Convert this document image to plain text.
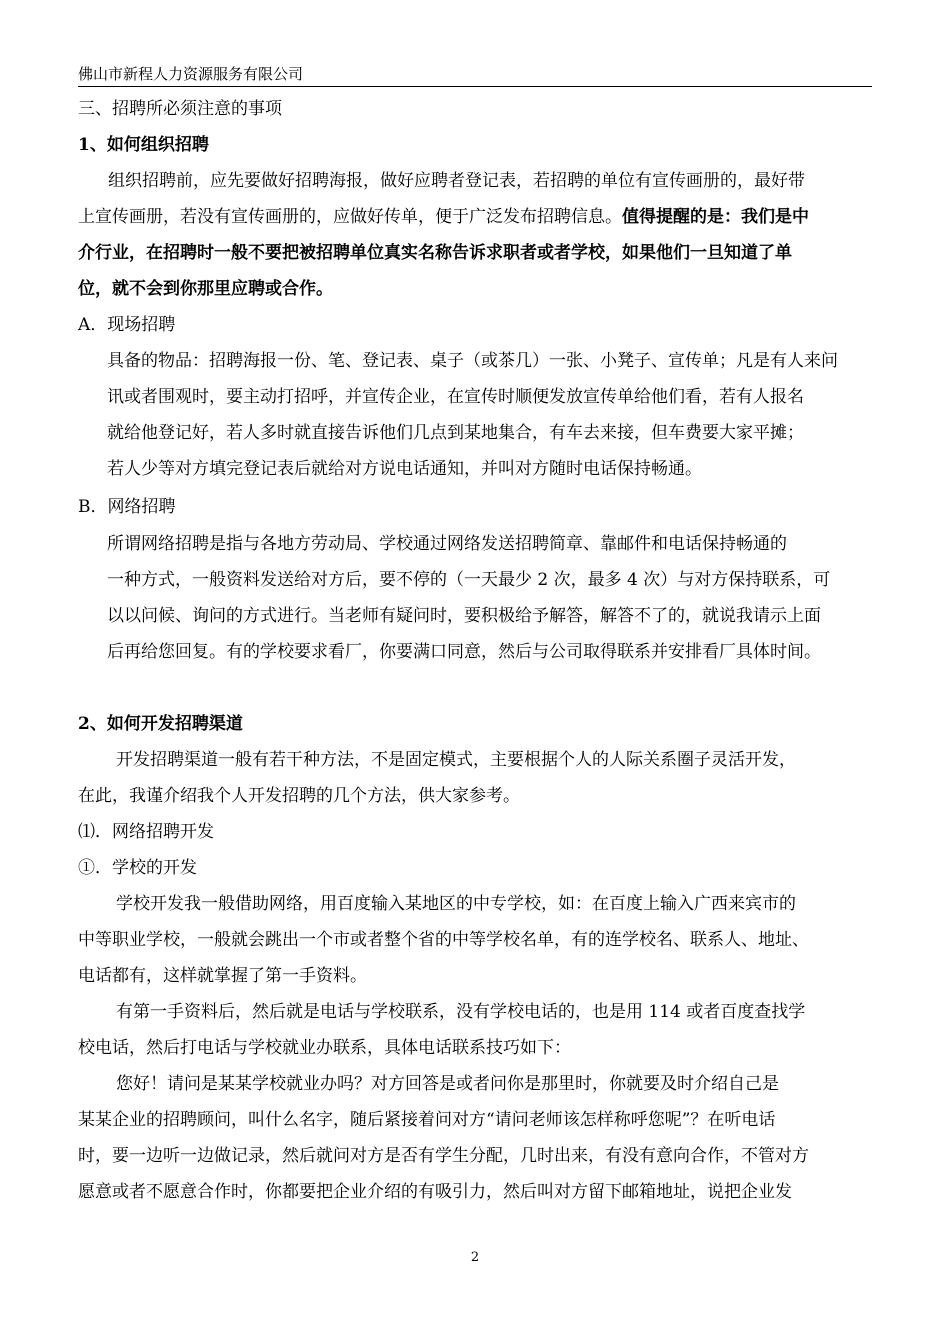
佛山市新程人力资源服务有限公司
三、招聘所必须注意的事项
1、如何组织招聘
组织招聘前，应先要做好招聘海报，做好应聘者登记表，若招聘的单位有宣传画册的，最好带
上宣传画册，若没有宣传画册的，应做好传单，便于广泛发布招聘信息。值得提醒的是：我们是中
介行业，在招聘时一般不要把被招聘单位真实名称告诉求职者或者学校，如果他们一旦知道了单
位，就不会到你那里应聘或合作。
A．现场招聘
具备的物品：招聘海报一份、笔、登记表、桌子（或茶几）一张、小凳子、宣传单；凡是有人来问
讯或者围观时，要主动打招呼，并宣传企业，在宣传时顺便发放宣传单给他们看，若有人报名
就给他登记好，若人多时就直接告诉他们几点到某地集合，有车去来接，但车费要大家平摊；
若人少等对方填完登记表后就给对方说电话通知，并叫对方随时电话保持畅通。
B．网络招聘
所谓网络招聘是指与各地方劳动局、学校通过网络发送招聘简章、靠邮件和电话保持畅通的
一种方式，一般资料发送给对方后，要不停的（一天最少 2 次，最多 4 次）与对方保持联系，可
以以问候、询问的方式进行。当老师有疑问时，要积极给予解答，解答不了的，就说我请示上面
后再给您回复。有的学校要求看厂，你要满口同意，然后与公司取得联系并安排看厂具体时间。
2、如何开发招聘渠道
开发招聘渠道一般有若干种方法，不是固定模式，主要根据个人的人际关系圈子灵活开发，
在此，我谨介绍我个人开发招聘的几个方法，供大家参考。
⑴．网络招聘开发
①．学校的开发
学校开发我一般借助网络，用百度输入某地区的中专学校，如：在百度上输入广西来宾市的
中等职业学校，一般就会跳出一个市或者整个省的中等学校名单，有的连学校名、联系人、地址、
电话都有，这样就掌握了第一手资料。
有第一手资料后，然后就是电话与学校联系，没有学校电话的，也是用 114 或者百度查找学
校电话，然后打电话与学校就业办联系，具体电话联系技巧如下：
您好！请问是某某学校就业办吗？对方回答是或者问你是那里时，你就要及时介绍自己是
某某企业的招聘顾问，叫什么名字，随后紧接着问对方“请问老师该怎样称呼您呢”？在听电话
时，要一边听一边做记录，然后就问对方是否有学生分配，几时出来，有没有意向合作，不管对方
愿意或者不愿意合作时，你都要把企业介绍的有吸引力，然后叫对方留下邮箱地址，说把企业发
2
